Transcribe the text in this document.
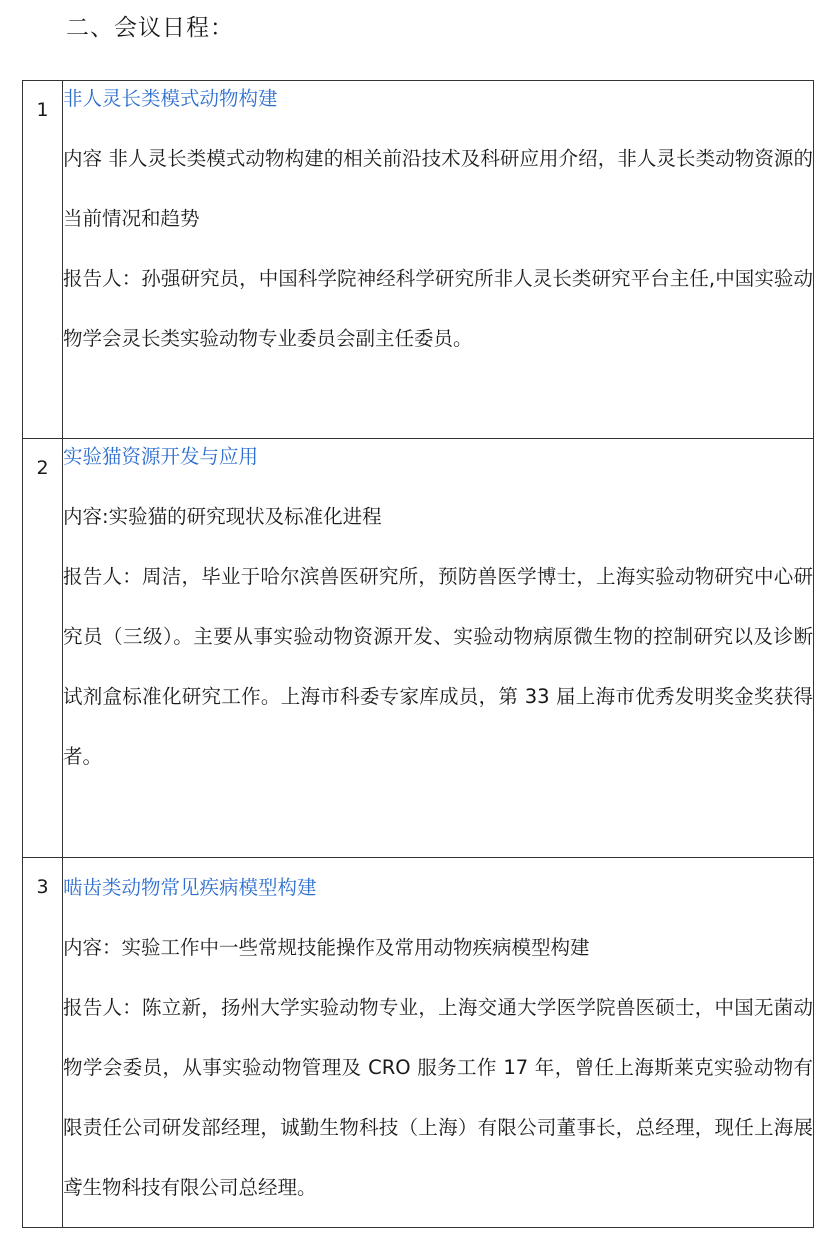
二、会议日程：
1	非人灵长类模式动物构建
内容 非人灵长类模式动物构建的相关前沿技术及科研应用介绍，非人灵长类动物资源的当前情况和趋势
报告人：孙强研究员，中国科学院神经科学研究所非人灵长类研究平台主任,中国实验动物学会灵长类实验动物专业委员会副主任委员。

2	实验猫资源开发与应用
内容:实验猫的研究现状及标准化进程
报告人：周洁，毕业于哈尔滨兽医研究所，预防兽医学博士，上海实验动物研究中心研究员（三级）。主要从事实验动物资源开发、实验动物病原微生物的控制研究以及诊断试剂盒标准化研究工作。上海市科委专家库成员，第 33 届上海市优秀发明奖金奖获得者。

3	啮齿类动物常见疾病模型构建
内容：实验工作中一些常规技能操作及常用动物疾病模型构建
报告人：陈立新，扬州大学实验动物专业，上海交通大学医学院兽医硕士，中国无菌动物学会委员，从事实验动物管理及 CRO 服务工作 17 年，曾任上海斯莱克实验动物有限责任公司研发部经理，诚勤生物科技（上海）有限公司董事长，总经理，现任上海展鸢生物科技有限公司总经理。
